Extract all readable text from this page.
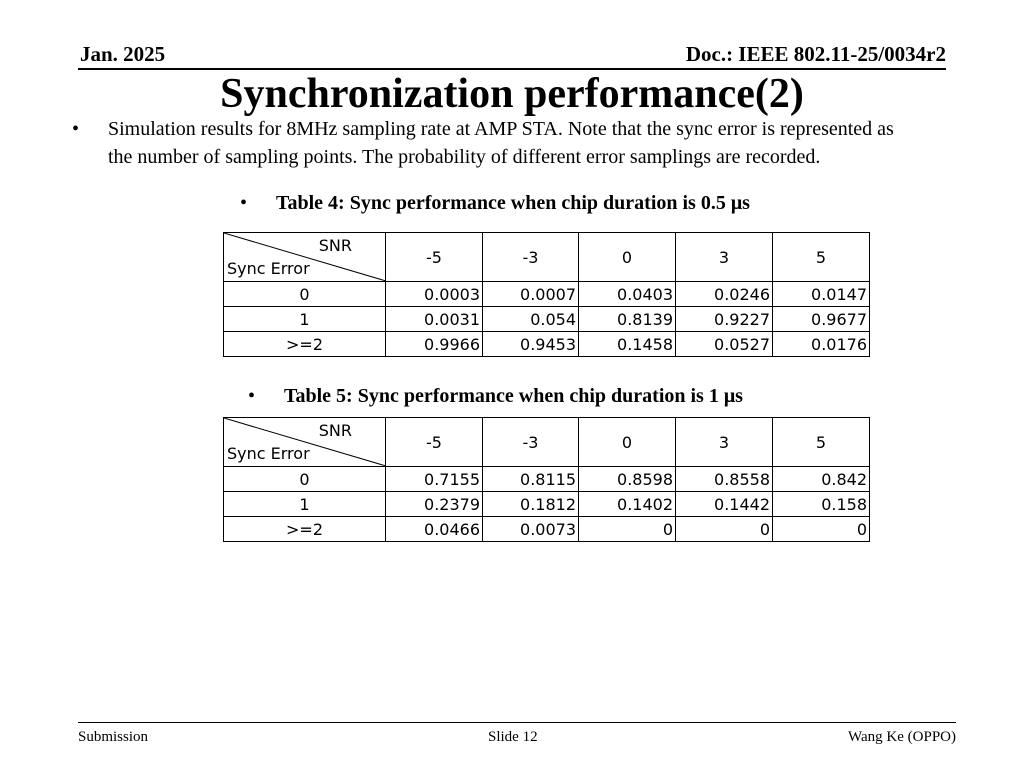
Jan. 2025	Doc.: IEEE 802.11-25/0034r2
Synchronization performance(2)
• Simulation results for 8MHz sampling rate at AMP STA. Note that the sync error is represented as the number of sampling points. The probability of different error samplings are recorded.
• Table 4: Sync performance when chip duration is 0.5 μs
SNR
Sync Error	-5	-3	0	3	5
0	0.0003	0.0007	0.0403	0.0246	0.0147
1	0.0031	0.054	0.8139	0.9227	0.9677
>=2	0.9966	0.9453	0.1458	0.0527	0.0176
• Table 5: Sync performance when chip duration is 1 μs
SNR
Sync Error	-5	-3	0	3	5
0	0.7155	0.8115	0.8598	0.8558	0.842
1	0.2379	0.1812	0.1402	0.1442	0.158
>=2	0.0466	0.0073	0	0	0
Submission	Slide 12	Wang Ke (OPPO)
